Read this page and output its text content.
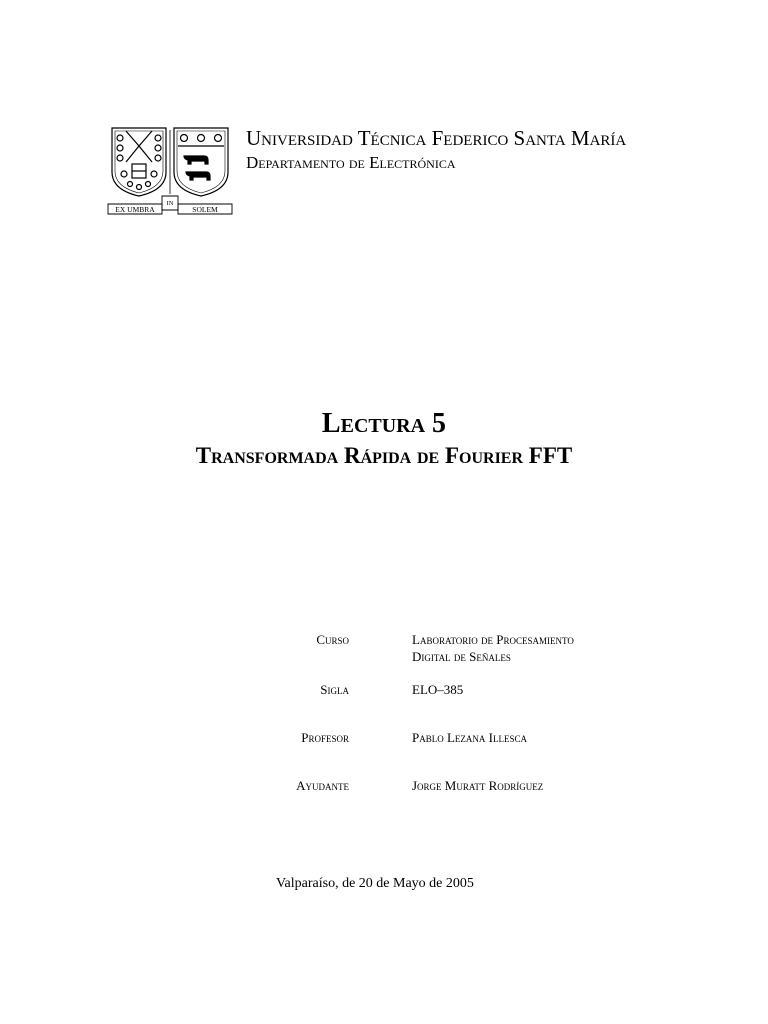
EX UMBRA
IN
SOLEM
Universidad Técnica Federico Santa María
Departamento de Electrónica
Lectura 5
Transformada Rápida de Fourier FFT
Curso	Laboratorio de Procesamiento
Digital de Señales
Sigla	ELO–385
Profesor	Pablo Lezana Illesca
Ayudante	Jorge Muratt Rodríguez
Valparaíso, de 20 de Mayo de 2005
